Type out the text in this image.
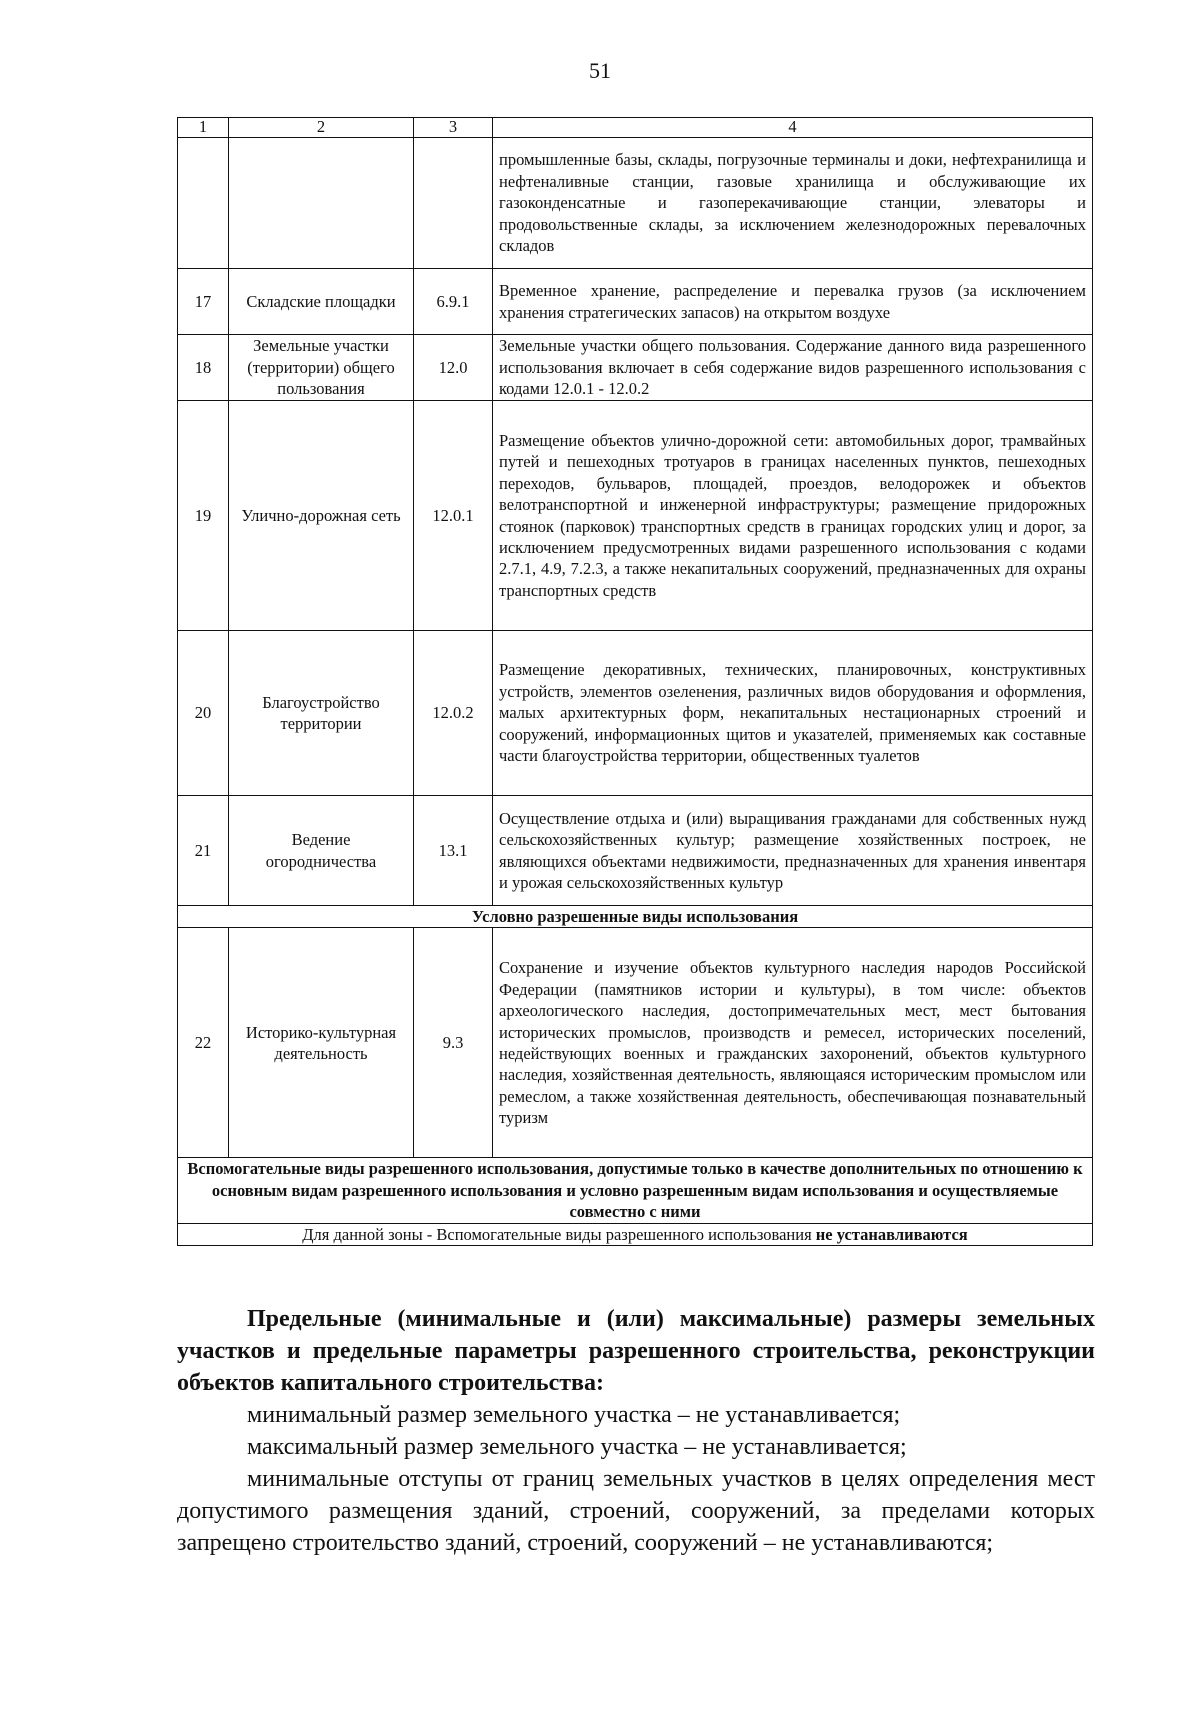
51
1	2	3	4
			промышленные базы, склады, погрузочные терминалы и доки, нефтехранилища и нефтеналивные станции, газовые хранилища и обслуживающие их газоконденсатные и газоперекачивающие станции, элеваторы и продовольственные склады, за исключением железнодорожных перевалочных складов
17	Складские площадки	6.9.1	Временное хранение, распределение и перевалка грузов (за исключением хранения стратегических запасов) на открытом воздухе
18	Земельные участки (территории) общего пользования	12.0	Земельные участки общего пользования. Содержание данного вида разрешенного использования включает в себя содержание видов разрешенного использования с кодами 12.0.1 - 12.0.2
19	Улично-дорожная сеть	12.0.1	Размещение объектов улично-дорожной сети: автомобильных дорог, трамвайных путей и пешеходных тротуаров в границах населенных пунктов, пешеходных переходов, бульваров, площадей, проездов, велодорожек и объектов велотранспортной и инженерной инфраструктуры; размещение придорожных стоянок (парковок) транспортных средств в границах городских улиц и дорог, за исключением предусмотренных видами разрешенного использования с кодами 2.7.1, 4.9, 7.2.3, а также некапитальных сооружений, предназначенных для охраны транспортных средств
20	Благоустройство территории	12.0.2	Размещение декоративных, технических, планировочных, конструктивных устройств, элементов озеленения, различных видов оборудования и оформления, малых архитектурных форм, некапитальных нестационарных строений и сооружений, информационных щитов и указателей, применяемых как составные части благоустройства территории, общественных туалетов
21	Ведение огородничества	13.1	Осуществление отдыха и (или) выращивания гражданами для собственных нужд сельскохозяйственных культур; размещение хозяйственных построек, не являющихся объектами недвижимости, предназначенных для хранения инвентаря и урожая сельскохозяйственных культур
Условно разрешенные виды использования			
22	Историко-культурная деятельность	9.3	Сохранение и изучение объектов культурного наследия народов Российской Федерации (памятников истории и культуры), в том числе: объектов археологического наследия, достопримечательных мест, мест бытования исторических промыслов, производств и ремесел, исторических поселений, недействующих военных и гражданских захоронений, объектов культурного наследия, хозяйственная деятельность, являющаяся историческим промыслом или ремеслом, а также хозяйственная деятельность, обеспечивающая познавательный туризм
Вспомогательные виды разрешенного использования, допустимые только в качестве дополнительных по отношению к основным видам разрешенного использования и условно разрешенным видам использования и осуществляемые совместно с ними			
Для данной зоны - Вспомогательные виды разрешенного использования не устанавливаются			

Предельные (минимальные и (или) максимальные) размеры земельных участков и предельные параметры разрешенного строительства, реконструкции объектов капитального строительства:

минимальный размер земельного участка – не устанавливается;

максимальный размер земельного участка – не устанавливается;

минимальные отступы от границ земельных участков в целях определения мест допустимого размещения зданий, строений, сооружений, за пределами которых запрещено строительство зданий, строений, сооружений – не устанавливаются;
